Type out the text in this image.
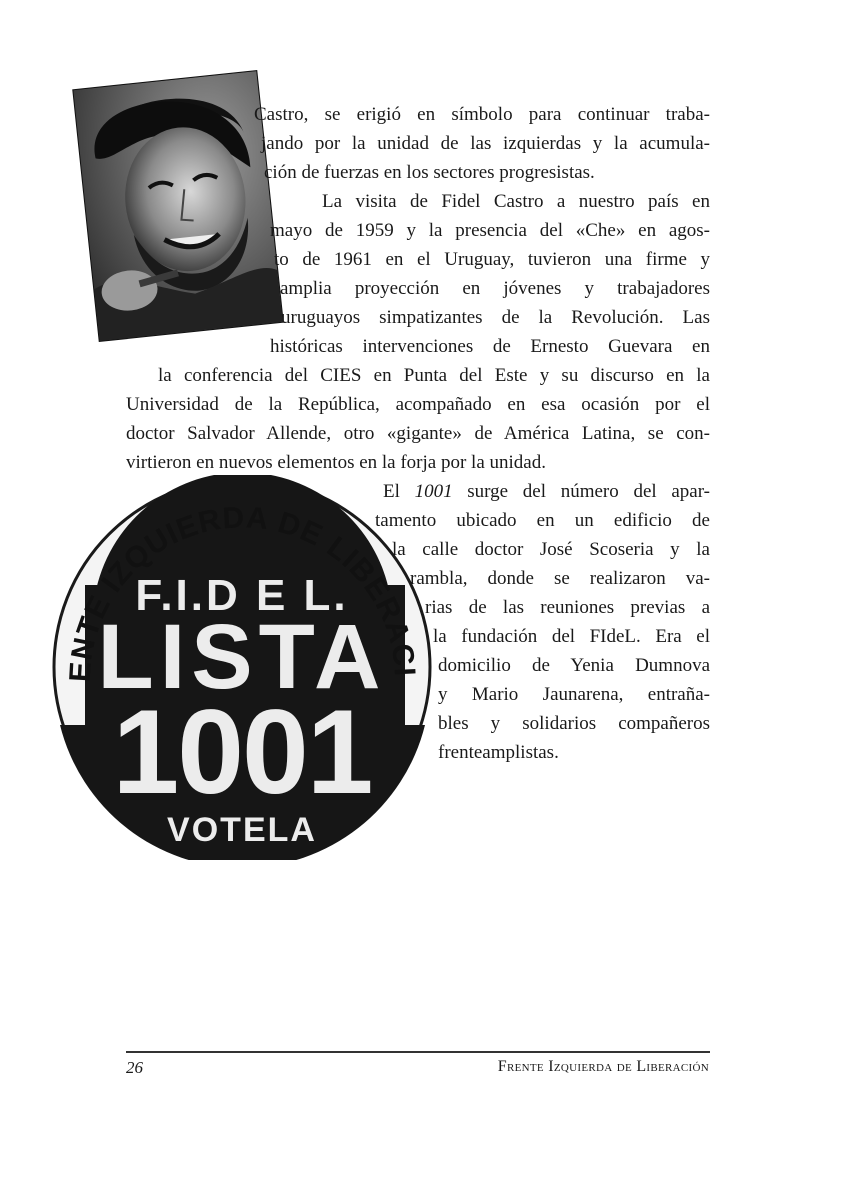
Castro, se erigió en símbolo para continuar traba-
jando por la unidad de las izquierdas y la acumula-
ción de fuerzas en los sectores progresistas.
La visita de Fidel Castro a nuestro país en
mayo de 1959 y la presencia del «Che» en agos-
to de 1961 en el Uruguay, tuvieron una firme y
amplia proyección en jóvenes y trabajadores
uruguayos simpatizantes de la Revolución. Las
históricas intervenciones de Ernesto Guevara en
la conferencia del CIES en Punta del Este y su discurso en la
Universidad de la República, acompañado en esa ocasión por el
doctor Salvador Allende, otro «gigante» de América Latina, se con-
virtieron en nuevos elementos en la forja por la unidad.
El 1001 surge del número del apar-
tamento ubicado en un edificio de
la calle doctor José Scoseria y la
rambla, donde se realizaron va-
rias de las reuniones previas a
la fundación del FIdeL. Era el
domicilio de Yenia Dumnova
y Mario Jaunarena, entraña-
bles y solidarios compañeros
frenteamplistas.
ENTE IZQUIERDA DE LIBERACI
F.I.D E L.
LISTA
1001
VOTELA
26	Frente Izquierda de Liberación
